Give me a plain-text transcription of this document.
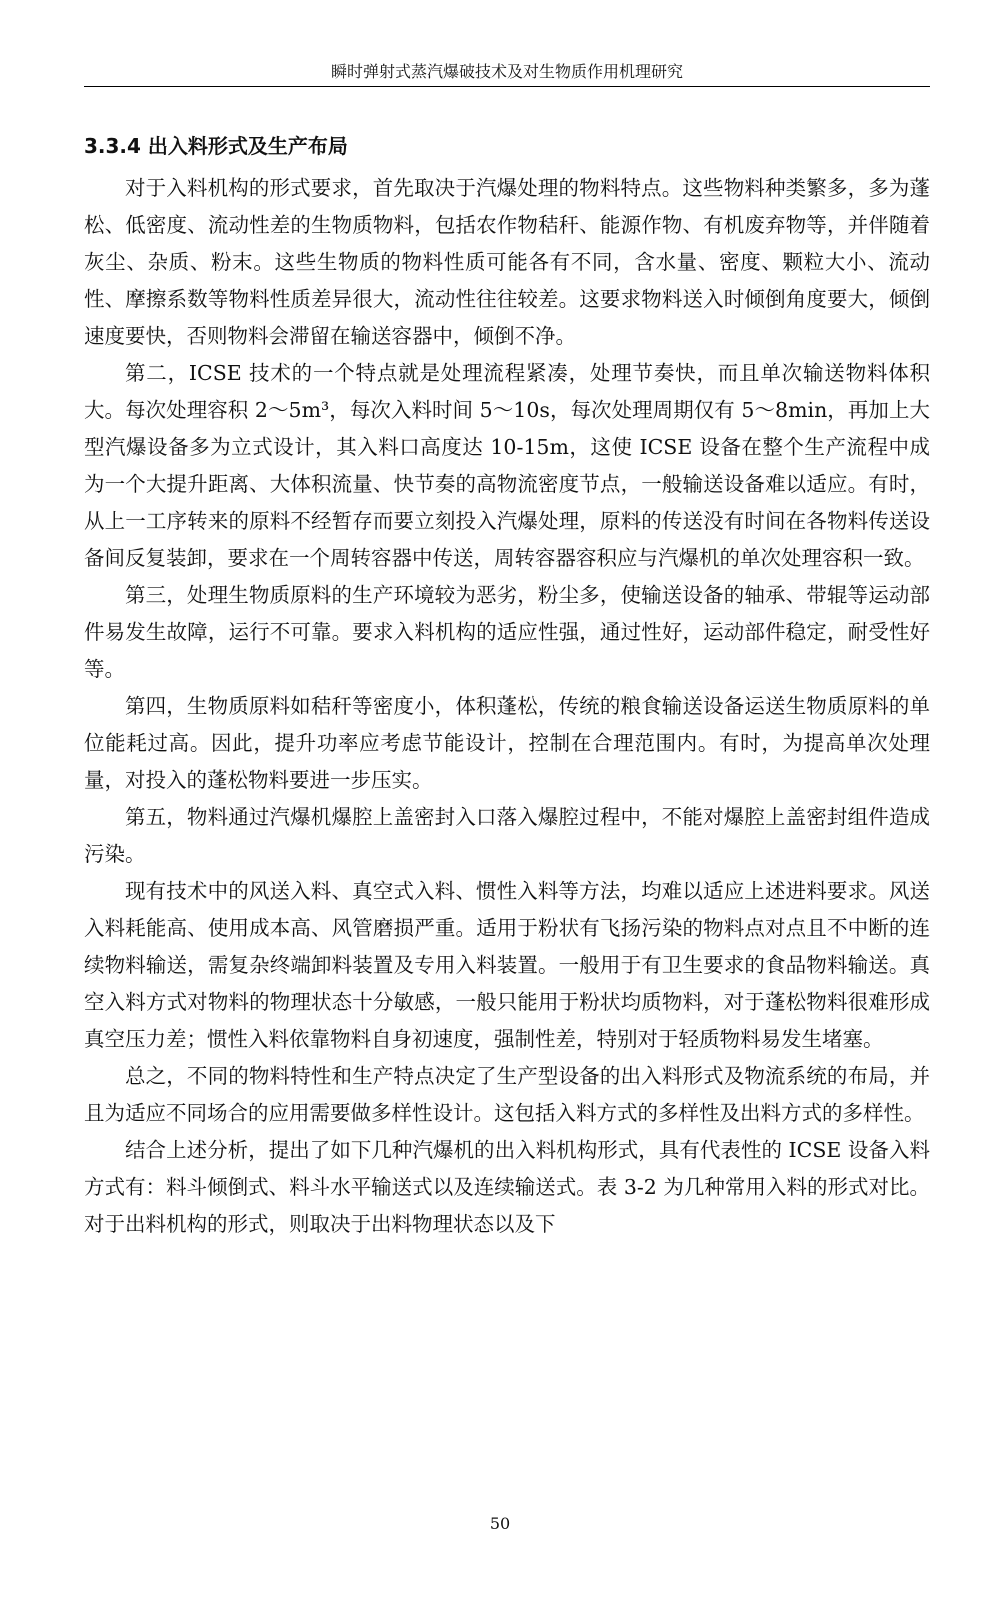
瞬时弹射式蒸汽爆破技术及对生物质作用机理研究
3.3.4 出入料形式及生产布局

对于入料机构的形式要求，首先取决于汽爆处理的物料特点。这些物料种类繁多，多为蓬松、低密度、流动性差的生物质物料，包括农作物秸秆、能源作物、有机废弃物等，并伴随着灰尘、杂质、粉末。这些生物质的物料性质可能各有不同，含水量、密度、颗粒大小、流动性、摩擦系数等物料性质差异很大，流动性往往较差。这要求物料送入时倾倒角度要大，倾倒速度要快，否则物料会滞留在输送容器中，倾倒不净。

第二，ICSE 技术的一个特点就是处理流程紧凑，处理节奏快，而且单次输送物料体积大。每次处理容积 2～5m³，每次入料时间 5～10s，每次处理周期仅有 5～8min，再加上大型汽爆设备多为立式设计，其入料口高度达 10-15m，这使 ICSE 设备在整个生产流程中成为一个大提升距离、大体积流量、快节奏的高物流密度节点，一般输送设备难以适应。有时，从上一工序转来的原料不经暂存而要立刻投入汽爆处理，原料的传送没有时间在各物料传送设备间反复装卸，要求在一个周转容器中传送，周转容器容积应与汽爆机的单次处理容积一致。

第三，处理生物质原料的生产环境较为恶劣，粉尘多，使输送设备的轴承、带辊等运动部件易发生故障，运行不可靠。要求入料机构的适应性强，通过性好，运动部件稳定，耐受性好等。

第四，生物质原料如秸秆等密度小，体积蓬松，传统的粮食输送设备运送生物质原料的单位能耗过高。因此，提升功率应考虑节能设计，控制在合理范围内。有时，为提高单次处理量，对投入的蓬松物料要进一步压实。

第五，物料通过汽爆机爆腔上盖密封入口落入爆腔过程中，不能对爆腔上盖密封组件造成污染。

现有技术中的风送入料、真空式入料、惯性入料等方法，均难以适应上述进料要求。风送入料耗能高、使用成本高、风管磨损严重。适用于粉状有飞扬污染的物料点对点且不中断的连续物料输送，需复杂终端卸料装置及专用入料装置。一般用于有卫生要求的食品物料输送。真空入料方式对物料的物理状态十分敏感，一般只能用于粉状均质物料，对于蓬松物料很难形成真空压力差；惯性入料依靠物料自身初速度，强制性差，特别对于轻质物料易发生堵塞。

总之，不同的物料特性和生产特点决定了生产型设备的出入料形式及物流系统的布局，并且为适应不同场合的应用需要做多样性设计。这包括入料方式的多样性及出料方式的多样性。

结合上述分析，提出了如下几种汽爆机的出入料机构形式，具有代表性的 ICSE 设备入料方式有：料斗倾倒式、料斗水平输送式以及连续输送式。表 3-2 为几种常用入料的形式对比。对于出料机构的形式，则取决于出料物理状态以及下

50
